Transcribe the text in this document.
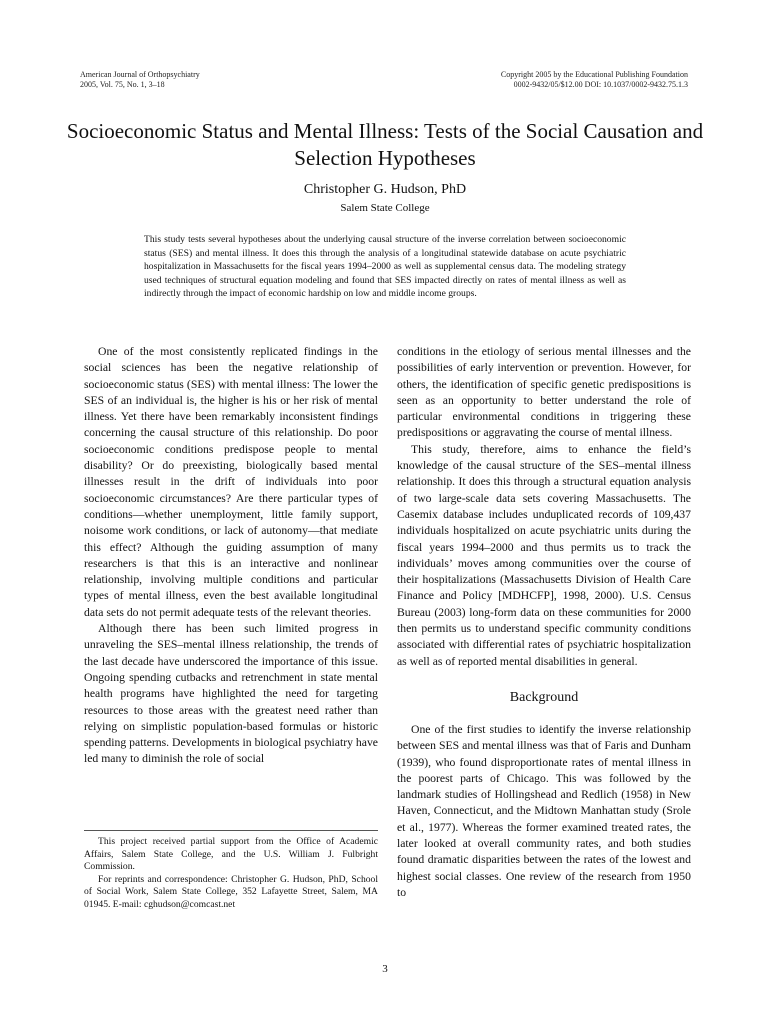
American Journal of Orthopsychiatry
2005, Vol. 75, No. 1, 3–18
Copyright 2005 by the Educational Publishing Foundation
0002-9432/05/$12.00 DOI: 10.1037/0002-9432.75.1.3
Socioeconomic Status and Mental Illness: Tests of the Social Causation and Selection Hypotheses
Christopher G. Hudson, PhD
Salem State College

This study tests several hypotheses about the underlying causal structure of the inverse correlation between socioeconomic status (SES) and mental illness. It does this through the analysis of a longitudinal statewide database on acute psychiatric hospitalization in Massachusetts for the fiscal years 1994–2000 as well as supplemental census data. The modeling strategy used techniques of structural equation modeling and found that SES impacted directly on rates of mental illness as well as indirectly through the impact of economic hardship on low and middle income groups.

One of the most consistently replicated findings in the social sciences has been the negative relationship of socioeconomic status (SES) with mental illness: The lower the SES of an individual is, the higher is his or her risk of mental illness. Yet there have been remarkably inconsistent findings concerning the causal structure of this relationship. Do poor socioeconomic conditions predispose people to mental disability? Or do preexisting, biologically based mental illnesses result in the drift of individuals into poor socioeconomic circumstances? Are there particular types of conditions—whether unemployment, little family support, noisome work conditions, or lack of autonomy—that mediate this effect? Although the guiding assumption of many researchers is that this is an interactive and nonlinear relationship, involving multiple conditions and particular types of mental illness, even the best available longitudinal data sets do not permit adequate tests of the relevant theories.

Although there has been such limited progress in unraveling the SES–mental illness relationship, the trends of the last decade have underscored the importance of this issue. Ongoing spending cutbacks and retrenchment in state mental health programs have highlighted the need for targeting resources to those areas with the greatest need rather than relying on simplistic population-based formulas or historic spending patterns. Developments in biological psychiatry have led many to diminish the role of social

conditions in the etiology of serious mental illnesses and the possibilities of early intervention or prevention. However, for others, the identification of specific genetic predispositions is seen as an opportunity to better understand the role of particular environmental conditions in triggering these predispositions or aggravating the course of mental illness.

This study, therefore, aims to enhance the field’s knowledge of the causal structure of the SES–mental illness relationship. It does this through a structural equation analysis of two large-scale data sets covering Massachusetts. The Casemix database includes unduplicated records of 109,437 individuals hospitalized on acute psychiatric units during the fiscal years 1994–2000 and thus permits us to track the individuals’ moves among communities over the course of their hospitalizations (Massachusetts Division of Health Care Finance and Policy [MDHCFP], 1998, 2000). U.S. Census Bureau (2003) long-form data on these communities for 2000 then permits us to understand specific community conditions associated with differential rates of psychiatric hospitalization as well as of reported mental disabilities in general.

Background

One of the first studies to identify the inverse relationship between SES and mental illness was that of Faris and Dunham (1939), who found disproportionate rates of mental illness in the poorest parts of Chicago. This was followed by the landmark studies of Hollingshead and Redlich (1958) in New Haven, Connecticut, and the Midtown Manhattan study (Srole et al., 1977). Whereas the former examined treated rates, the later looked at overall community rates, and both studies found dramatic disparities between the rates of the lowest and highest social classes. One review of the research from 1950 to

This project received partial support from the Office of Academic Affairs, Salem State College, and the U.S. William J. Fulbright Commission.

For reprints and correspondence: Christopher G. Hudson, PhD, School of Social Work, Salem State College, 352 Lafayette Street, Salem, MA 01945. E-mail: cghudson@comcast.net

3
